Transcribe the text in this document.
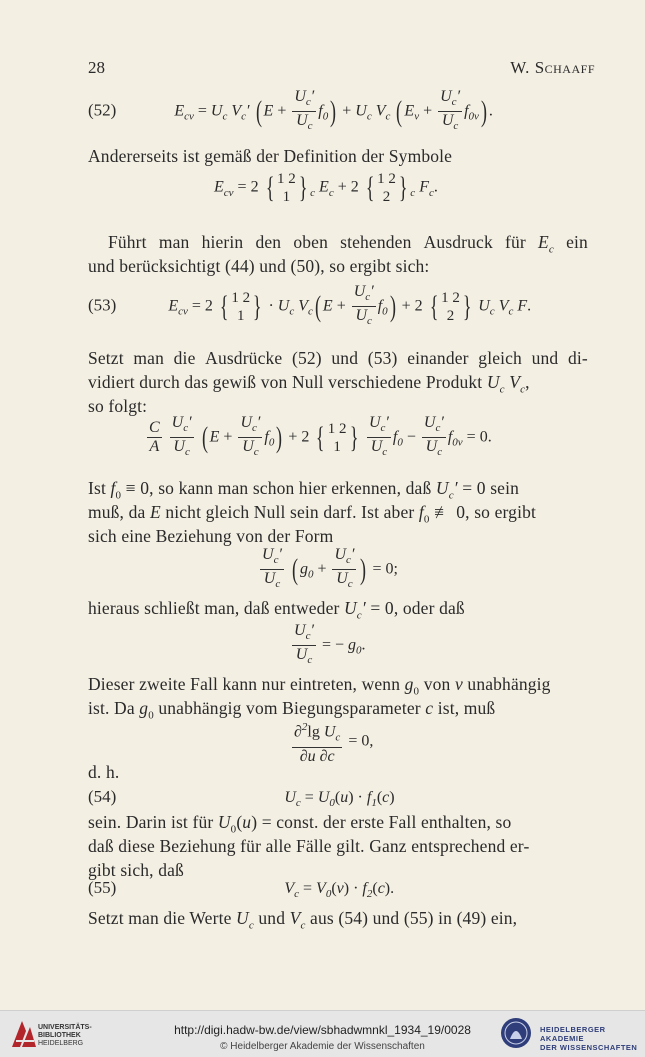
28	W. Schaaff
(52)	$E_{cv} = U_c$ $V_c'$ ( $E + \frac{U_c'}{U_c} f_0) + U_c$ $V_c$ ( $E_v + \frac{U_c'}{U_c} f_{0v}$) .
Andererseits ist gemäß der Definition der Symbole
$E_{cv} = 2$ { 1 2
1 } $_c$ $E_c + 2$ { 1 2
2 } $_c$ $F_c$.
Führt man hierin den oben stehenden Ausdruck für $E_c$ ein
und berücksichtigt (44) und (50), so ergibt sich:
(53)	$E_{cv} = 2$ { 1 2
1 } · $U_c$ $V_c$( $E + \frac{U_c'}{U_c} f_0) + 2$ { 1 2
2 } $U_c$ $V_c$ F.
Setzt man die Ausdrücke (52) und (53) einander gleich und di-
vidiert durch das gewiß von Null verschiedene Produkt $U_c$ $V_c$,
so folgt:
$\frac{C}{A}$
$\frac{U_c'}{U_c}$ ( $E + \frac{U_c'}{U_c} f_0) + 2$ { 1 2
1 } $\frac{U_c'}{U_c} f_0 - \frac{U_c'}{U_c} f_{0v} = 0$.
Ist $f_0 \equiv 0$, so kann man schon hier erkennen, daß $U_c' = 0$ sein
muß, da E nicht gleich Null sein darf. Ist aber $f_0$ ≢ 0, so ergibt
sich eine Beziehung von der Form
$\frac{U_c'}{U_c}$ ( $g_0 + \frac{U_c'}{U_c}$ ) = 0;
hieraus schließt man, daß entweder $U_c' = 0$, oder daß
$\frac{U_c'}{U_c}$ = − $g_0$.
Dieser zweite Fall kann nur eintreten, wenn $g_0$ von v unabhängig
ist. Da $g_0$ unabhängig vom Biegungsparameter c ist, muß
$\frac{\partial^2\lg U_c}{\partial u \partial c} = 0$,
d. h.
(54)	$U_c = U_0(u) \cdot f_1(c)$
sein. Darin ist für $U_0(u)$ = const. der erste Fall enthalten, so
daß diese Beziehung für alle Fälle gilt. Ganz entsprechend er-
gibt sich, daß
(55)	$V_c = V_0(v) \cdot f_2(c)$.
Setzt man die Werte $U_c$ und $V_c$ aus (54) und (55) in (49) ein,
UNIVERSITÄTS-
BIBLIOTHEK
HEIDELBERG
http://digi.hadw-bw.de/view/sbhadwmnkl_1934_19/0028
© Heidelberger Akademie der Wissenschaften
HEIDELBERGER AKADEMIE
DER WISSENSCHAFTEN
